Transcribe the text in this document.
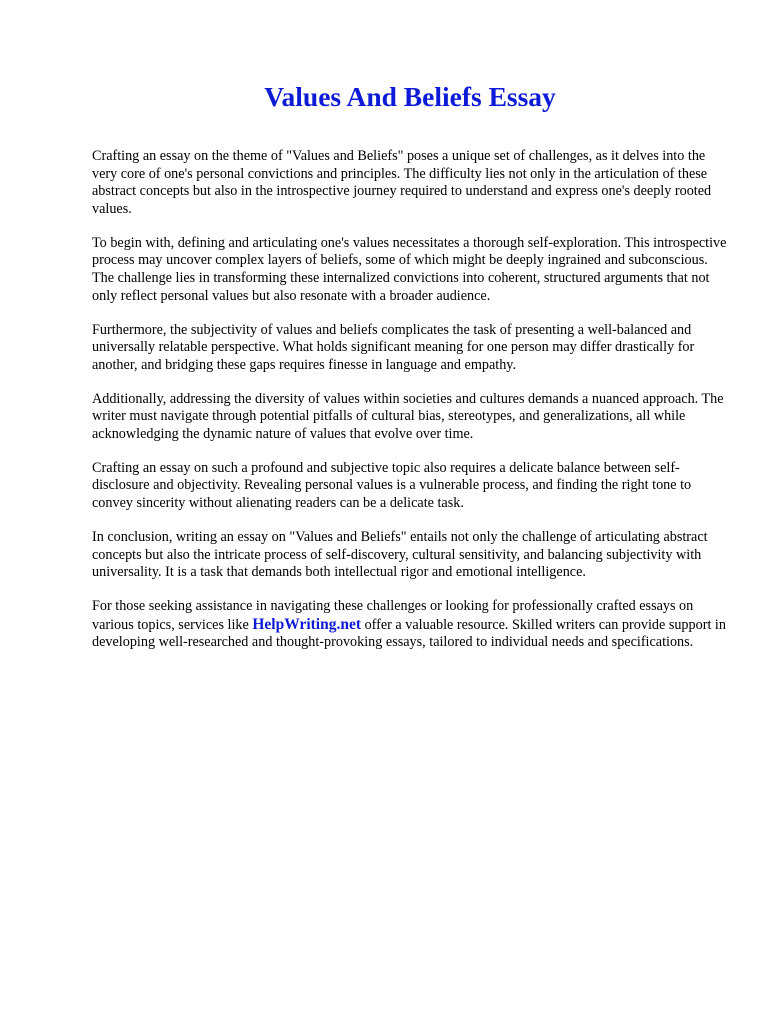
Values And Beliefs Essay

Crafting an essay on the theme of "Values and Beliefs" poses a unique set of challenges, as it delves into the very core of one's personal convictions and principles. The difficulty lies not only in the articulation of these abstract concepts but also in the introspective journey required to understand and express one's deeply rooted values.

To begin with, defining and articulating one's values necessitates a thorough self-exploration. This introspective process may uncover complex layers of beliefs, some of which might be deeply ingrained and subconscious. The challenge lies in transforming these internalized convictions into coherent, structured arguments that not only reflect personal values but also resonate with a broader audience.

Furthermore, the subjectivity of values and beliefs complicates the task of presenting a well-balanced and universally relatable perspective. What holds significant meaning for one person may differ drastically for another, and bridging these gaps requires finesse in language and empathy.

Additionally, addressing the diversity of values within societies and cultures demands a nuanced approach. The writer must navigate through potential pitfalls of cultural bias, stereotypes, and generalizations, all while acknowledging the dynamic nature of values that evolve over time.

Crafting an essay on such a profound and subjective topic also requires a delicate balance between self-disclosure and objectivity. Revealing personal values is a vulnerable process, and finding the right tone to convey sincerity without alienating readers can be a delicate task.

In conclusion, writing an essay on "Values and Beliefs" entails not only the challenge of articulating abstract concepts but also the intricate process of self-discovery, cultural sensitivity, and balancing subjectivity with universality. It is a task that demands both intellectual rigor and emotional intelligence.

For those seeking assistance in navigating these challenges or looking for professionally crafted essays on various topics, services like HelpWriting.net offer a valuable resource. Skilled writers can provide support in developing well-researched and thought-provoking essays, tailored to individual needs and specifications.
